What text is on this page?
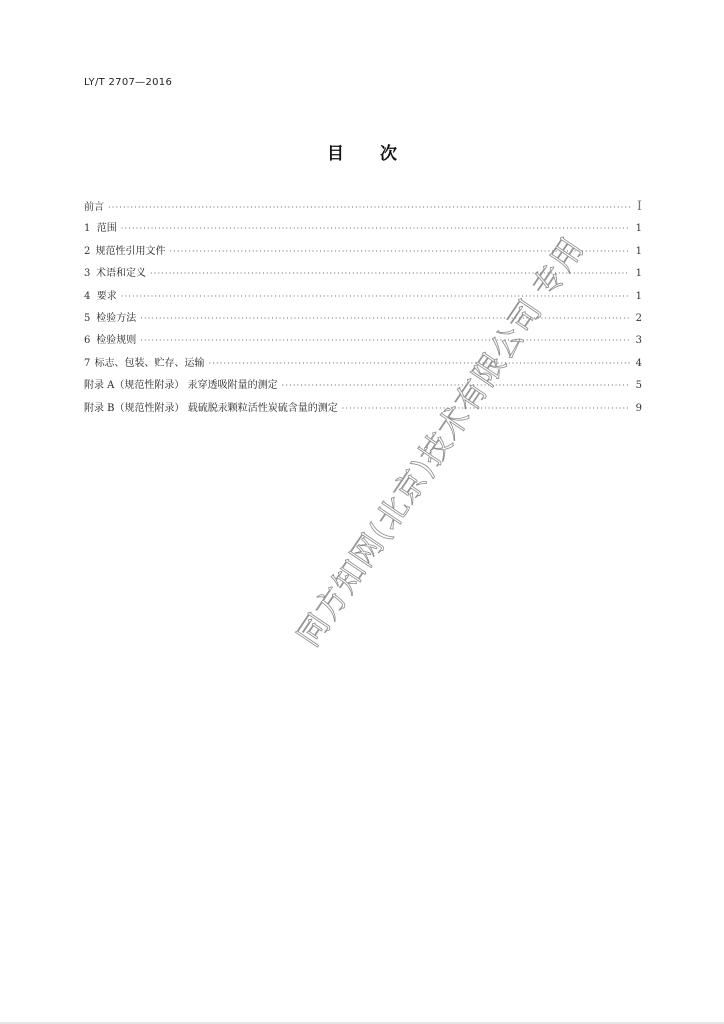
LY/T 2707—2016
目次
前言 ·····	Ⅰ
1 范围 ·····	1
2 规范性引用文件 ·····	1
3 术语和定义 ·····	1
4 要求 ·····	1
5 检验方法 ·····	2
6 检验规则 ·····	3
7 标志、包装、贮存、运输 ·····	4
附录 A（规范性附录） 汞穿透吸附量的测定 ·····	5
附录 B（规范性附录） 载硫脱汞颗粒活性炭硫含量的测定 ·····	9
同方知网(北京)技术有限公司 专用
